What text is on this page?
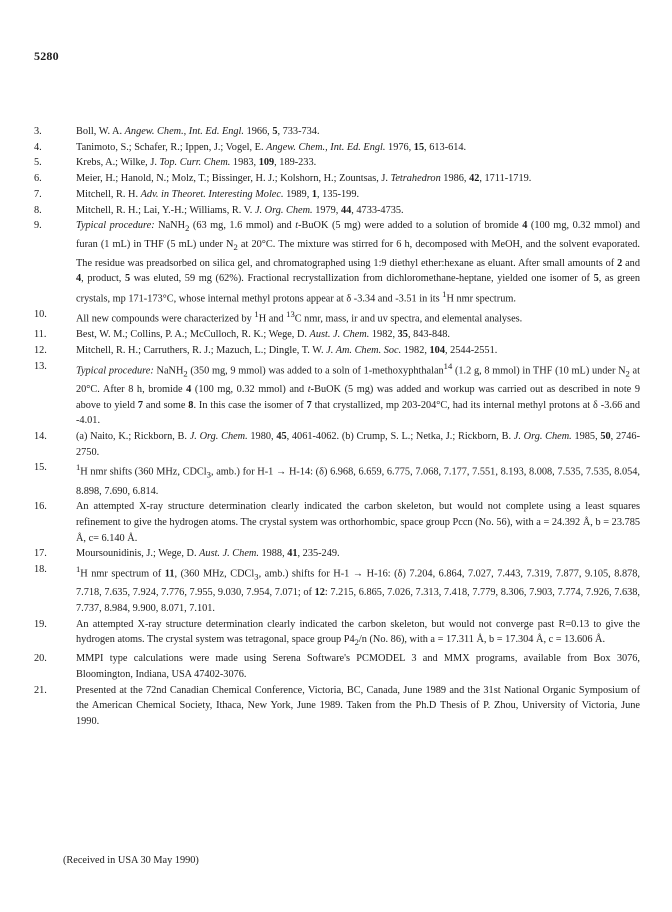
5280
3.	Boll, W. A. Angew. Chem., Int. Ed. Engl. 1966, 5, 733-734.
4.	Tanimoto, S.; Schafer, R.; Ippen, J.; Vogel, E. Angew. Chem., Int. Ed. Engl. 1976, 15, 613-614.
5.	Krebs, A.; Wilke, J. Top. Curr. Chem. 1983, 109, 189-233.
6.	Meier, H.; Hanold, N.; Molz, T.; Bissinger, H. J.; Kolshorn, H.; Zountsas, J. Tetrahedron 1986, 42, 1711-1719.
7.	Mitchell, R. H. Adv. in Theoret. Interesting Molec. 1989, 1, 135-199.
8.	Mitchell, R. H.; Lai, Y.-H.; Williams, R. V. J. Org. Chem. 1979, 44, 4733-4735.
9.	Typical procedure: NaNH$_2$ (63 mg, 1.6 mmol) and t-BuOK (5 mg) were added to a solution of bromide 4 (100 mg, 0.32 mmol) and furan (1 mL) in THF (5 mL) under $N_2$ at 20°C. The mixture was stirred for 6 h, decomposed with MeOH, and the solvent evaporated. The residue was preadsorbed on silica gel, and chromatographed using 1:9 diethyl ether:hexane as eluant. After small amounts of 2 and 4, product, 5 was eluted, 59 mg (62%). Fractional recrystallization from dichloromethane-heptane, yielded one isomer of 5, as green crystals, mp 171-173°C, whose internal methyl protons appear at δ -3.34 and -3.51 in its $^1$H nmr spectrum.
10.	All new compounds were characterized by $^1$H and $^{13}$C nmr, mass, ir and uv spectra, and elemental analyses.
11.	Best, W. M.; Collins, P. A.; McCulloch, R. K.; Wege, D. Aust. J. Chem. 1982, 35, 843-848.
12.	Mitchell, R. H.; Carruthers, R. J.; Mazuch, L.; Dingle, T. W. J. Am. Chem. Soc. 1982, 104, 2544-2551.
13.	Typical procedure: NaNH$_2$ (350 mg, 9 mmol) was added to a soln of 1-methoxyphthalan$^{14}$ (1.2 g, 8 mmol) in THF (10 mL) under $N_2$ at 20°C. After 8 h, bromide 4 (100 mg, 0.32 mmol) and t-BuOK (5 mg) was added and workup was carried out as described in note 9 above to yield 7 and some 8. In this case the isomer of 7 that crystallized, mp 203-204°C, had its internal methyl protons at δ -3.66 and -4.01.
14.	(a) Naito, K.; Rickborn, B. J. Org. Chem. 1980, 45, 4061-4062. (b) Crump, S. L.; Netka, J.; Rickborn, B. J. Org. Chem. 1985, 50, 2746-2750.
15.	$^1$H nmr shifts (360 MHz, CDCl$_3$, amb.) for H-1 → H-14: (δ) 6.968, 6.659, 6.775, 7.068, 7.177, 7.551, 8.193, 8.008, 7.535, 7.535, 8.054, 8.898, 7.690, 6.814.
16.	An attempted X-ray structure determination clearly indicated the carbon skeleton, but would not complete using a least squares refinement to give the hydrogen atoms. The crystal system was orthorhombic, space group Pccn (No. 56), with a = 24.392 Å, b = 23.785 Å, c= 6.140 Å.
17.	Moursounidinis, J.; Wege, D. Aust. J. Chem. 1988, 41, 235-249.
18.	$^1$H nmr spectrum of 11, (360 MHz, CDCl$_3$, amb.) shifts for H-1 → H-16: (δ) 7.204, 6.864, 7.027, 7.443, 7.319, 7.877, 9.105, 8.878, 7.718, 7.635, 7.924, 7.776, 7.955, 9.030, 7.954, 7.071; of 12: 7.215, 6.865, 7.026, 7.313, 7.418, 7.779, 8.306, 7.903, 7.774, 7.926, 7.638, 7.737, 8.984, 9.900, 8.071, 7.101.
19.	An attempted X-ray structure determination clearly indicated the carbon skeleton, but would not converge past R=0.13 to give the hydrogen atoms. The crystal system was tetragonal, space group $P4_2/n$ (No. 86), with a = 17.311 Å, b = 17.304 Å, c = 13.606 Å.
20.	MMPI type calculations were made using Serena Software's PCMODEL 3 and MMX programs, available from Box 3076, Bloomington, Indiana, USA 47402-3076.
21.	Presented at the 72nd Canadian Chemical Conference, Victoria, BC, Canada, June 1989 and the 31st National Organic Symposium of the American Chemical Society, Ithaca, New York, June 1989. Taken from the Ph.D Thesis of P. Zhou, University of Victoria, June 1990.
(Received in USA 30 May 1990)
